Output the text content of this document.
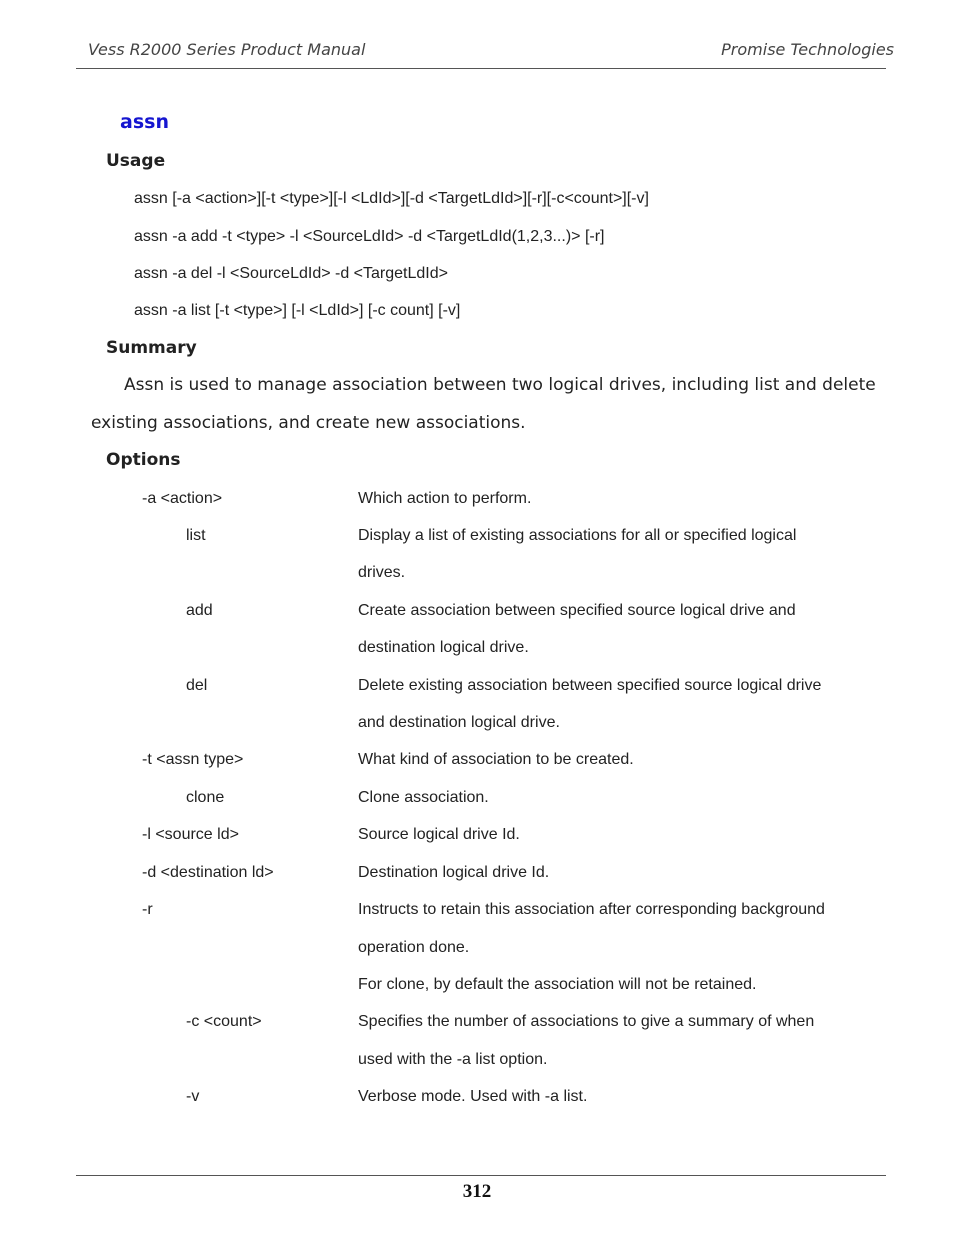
Vess R2000 Series Product Manual	Promise Technologies
assn
Usage
assn [-a <action>][-t <type>][-l <LdId>][-d <TargetLdId>][-r][-c<count>][-v]
assn -a add -t <type> -l <SourceLdId> -d <TargetLdId(1,2,3...)> [-r]
assn -a del -l <SourceLdId> -d <TargetLdId>
assn -a list [-t <type>] [-l <LdId>] [-c count] [-v]
Summary
Assn is used to manage association between two logical drives, including list and delete
existing associations, and create new associations.
Options
-a <action>
list
add
del
-t <assn type>
clone
-l <source ld>
-d <destination ld>
-r
-c <count>
-v
Which action to perform.
Display a list of existing associations for all or specified logical
drives.
Create association between specified source logical drive and
destination logical drive.
Delete existing association between specified source logical drive
and destination logical drive.
What kind of association to be created.
Clone association.
Source logical drive Id.
Destination logical drive Id.
Instructs to retain this association after corresponding background
operation done.
For clone, by default the association will not be retained.
Specifies the number of associations to give a summary of when
used with the -a list option.
Verbose mode. Used with -a list.
312
